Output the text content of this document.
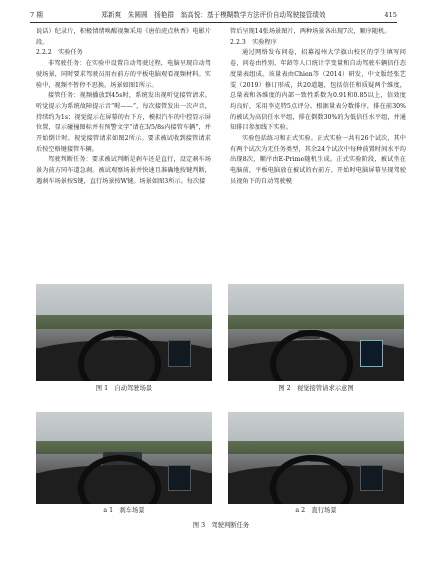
7 期	郑新爽　朱圆圆　扬艳群　翁高悦：基于模糊数学方法评价自动驾驶接管绩效	415

说话）纪录片，积极情绪唤醒视频采用《唐伯虎点秋香》电影片段。

2.2.2　实验任务

非驾驶任务：在实验中设置自动驾驶过程，电脑呈现自动驾驶场景，同时要求驾驶员用右前方的平板电脑观看视频材料。实验中，视频不暂停不思换。场景如图1所示。

接管任务：视频播放到45s时，系统发出视听觉接管请求。听觉提示为系统故障提示音“喔——”，每次接管发出一次声音，持续约为1s；视觉提示在屏幕的右下方，模拟汽车的中控显示屏位置，显示碰撞图标并有预警文字“请在3/5/8s内接管车辆”，并开始倒计时。视觉接管请求如图2所示。要求被试收到接管请求后按空格键接管车辆。

驾驶判断任务：要求被试判断是刹车还是直行，设定刹车场景为前方同车道急刹。被试观察场景并快速且准确地按键判断，遇刹车场景按S键，直行场景按W键。场景如图3所示。每次接

管后呈现14张场景图片，两种场景各出现7次，顺序随机。

2.2.3　实验程序

通过网络发布问卷，招募福州大学旗山校区的学生填写问卷，问卷由性别、年龄等人口统计学变量和自动驾驶车辆信任态度量表组成。该量表由Chien等（2014）研发，中文版经张艺雯（2019）修订形成，共20道题，包括信任和质疑两个维度，总量表和各维度的内部一致性系数为0.91和0.85以上，信效度均良好，采用李克特5点评分。根据量表分数排序，排在前30%的被试为高信任水平组，排在倒数30%的为低信任水平组，并通知排目参加线下实验。

实验包括练习和正式实验。正式实验一共有26个试次，其中有两个试次为无任务类型，其余24个试次中每种前置时间水平均出现8次，顺序由E-Prime随机生成。正式实验阶段，被试坐在电脑前，平板电脑放在被试的右前方。开始时电脑屏幕呈现驾驶员视角下的自动驾驶模

图 1　自动驾驶场景	图 2　视觉接管请求示意图
a 1　刹车场景	a 2　直行场景
图 3　驾驶判断任务
